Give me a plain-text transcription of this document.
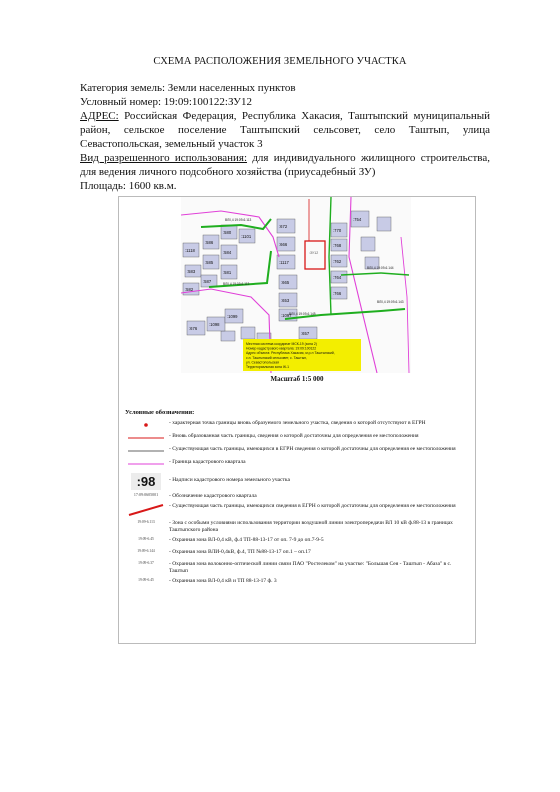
СХЕМА РАСПОЛОЖЕНИЯ ЗЕМЕЛЬНОГО УЧАСТКА

Категория земель: Земли населенных пунктов

Условный номер: 19:09:100122:ЗУ12

АДРЕС: Российская Федерация, Республика Хакасия, Таштыпский муниципальный район, сельское поселение Таштыпский сельсовет, село Таштып, улица Севастопольская, земельный участок 3

Вид разрешенного использования: для индивидуального жилищного строительства, для ведения личного подсобного хозяйства (приусадебный ЗУ)

Площадь: 1600 кв.м.

:672
:770
:768
:754
:666
:1117	:762
:665
:764
:653
:766
:1097
:1118
:586
:580
:1101
:585
:584
:583
:587
:582
:581
:676
:1098
:1099
:657
:ЗУ12
ВЛ0,4 19:09-6.113
ВЛ0,4 19:09-6.113
ВЛ0,4 19:09-6.144
ВЛ0,4 19:09-6.143
ВЛ0,4 19:09-6.145
Местная система координат МСК-19 (зона 2)
Номер кадастрового квартала: 19:09:100122
Адрес объекта: Республика Хакасия, м.р-н Таштыпский,
с.п. Таштыпский сельсовет, с. Таштып,
ул. Севастопольская
Территориальная зона Ж-1
Масштаб 1:5 000
Условные обозначения:
- характерная точка границы вновь образуемого земельного участка, сведения о которой отсутствуют в ЕГРН
- Вновь образованная часть границы, сведения о которой достаточны для определения ее местоположения
- Существующая часть границы, имеющихся в ЕГРН сведения о которой достаточны для определения ее местоположения
- Граница кадастрового квартала
:98	- Надписи кадастрового номера земельного участка
17:09:0605001	- Обозначение кадастрового квартала
- Существующая часть границы, имеющихся сведения в ЕГРН о которой достаточны для определения ее местоположения
19:09-6.113	- Зона с особыми условиями использования территории воздушной линии электропередачи ВЛ 10 кВ ф.88-13 в границах Таштыпского района
19:09-6.45	- Охранная зона ВЛ-0,4 кВ, ф.4 ТП-88-13-17 от оп. 7-9 до оп.7-9-5
19:09-6.144	- Охранная зона ВЛИ-0,4кВ, ф.4, ТП №88-13-17 оп.1 – оп.17
19:09-6.37	- Охранная зона волоконно-оптической линии связи ПАО "Ростелеком" на участке: "Большая Сея - Таштып - Абаза" в с. Таштып
19:09-6.45	- Охранная зона ВЛ-0,4 кВ и ТП 88-13-17 ф. 3
